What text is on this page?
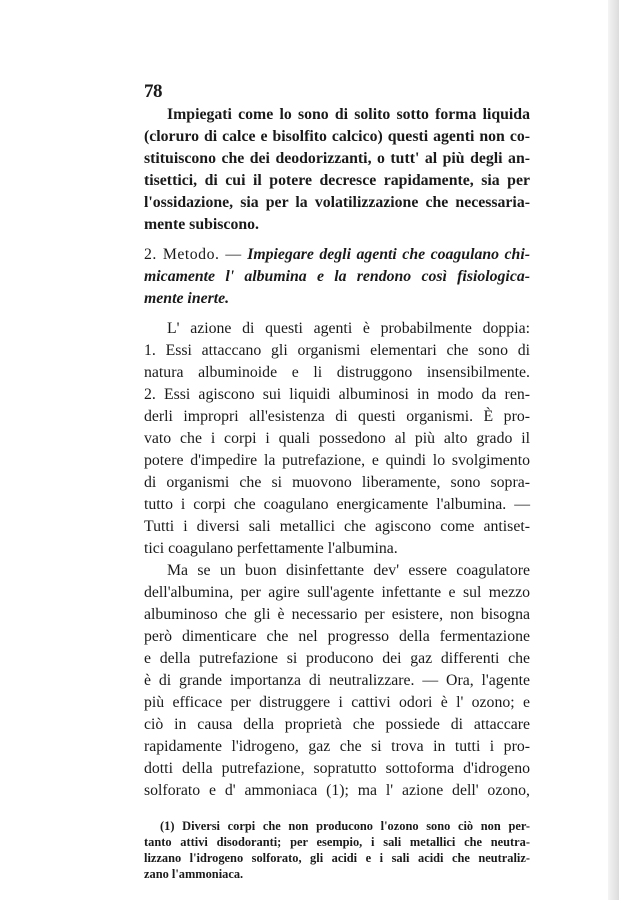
78
Impiegati come lo sono di solito sotto forma liquida
(cloruro di calce e bisolfito calcico) questi agenti non co-
stituiscono che dei deodorizzanti, o tutt' al più degli an-
tisettici, di cui il potere decresce rapidamente, sia per
l'ossidazione, sia per la volatilizzazione che necessaria-
mente subiscono.
2. Metodo. — Impiegare degli agenti che coagulano chi-
micamente l' albumina e la rendono così fisiologica-
mente inerte.
L' azione di questi agenti è probabilmente doppia:
1. Essi attaccano gli organismi elementari che sono di
natura albuminoide e li distruggono insensibilmente.
2. Essi agiscono sui liquidi albuminosi in modo da ren-
derli impropri all'esistenza di questi organismi. È pro-
vato che i corpi i quali possedono al più alto grado il
potere d'impedire la putrefazione, e quindi lo svolgimento
di organismi che si muovono liberamente, sono sopra-
tutto i corpi che coagulano energicamente l'albumina. —
Tutti i diversi sali metallici che agiscono come antiset-
tici coagulano perfettamente l'albumina.
Ma se un buon disinfettante dev' essere coagulatore
dell'albumina, per agire sull'agente infettante e sul mezzo
albuminoso che gli è necessario per esistere, non bisogna
però dimenticare che nel progresso della fermentazione
e della putrefazione si producono dei gaz differenti che
è di grande importanza di neutralizzare. — Ora, l'agente
più efficace per distruggere i cattivi odori è l' ozono; e
ciò in causa della proprietà che possiede di attaccare
rapidamente l'idrogeno, gaz che si trova in tutti i pro-
dotti della putrefazione, sopratutto sottoforma d'idrogeno
solforato e d' ammoniaca (1); ma l' azione dell' ozono,
(1) Diversi corpi che non producono l'ozono sono ciò non per-
tanto attivi disodoranti; per esempio, i sali metallici che neutra-
lizzano l'idrogeno solforato, gli acidi e i sali acidi che neutraliz-
zano l'ammoniaca.
